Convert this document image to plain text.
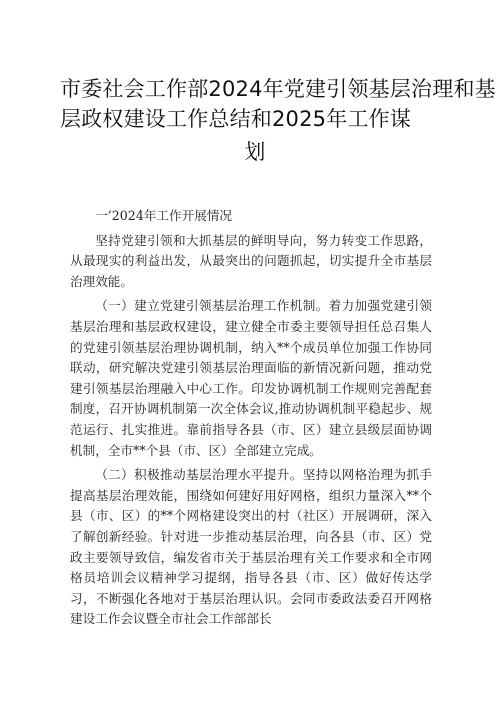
市委社会工作部2024年党建引领基层治理和基
层政权建设工作总结和2025年工作谋
划

一’2024年工作开展情况

坚持党建引领和大抓基层的鲜明导向，努力转变工作思路，从最现实的利益出发，从最突出的问题抓起，切实提升全市基层治理效能。

（一）建立党建引领基层治理工作机制。着力加强党建引领基层治理和基层政权建设，建立健全市委主要领导担任总召集人的党建引领基层治理协调机制，纳入**个成员单位加强工作协同联动，研究解决党建引领基层治理面临的新情况新问题，推动党建引领基层治理融入中心工作。印发协调机制工作规则完善配套制度，召开协调机制第一次全体会议,推动协调机制平稳起步、规范运行、扎实推进。靠前指导各县（市、区）建立县级层面协调机制，全市**个县（市、区）全部建立完成。

（二）积极推动基层治理水平提升。坚持以网格治理为抓手提高基层治理效能，围绕如何建好用好网格，组织力量深入**个县（市、区）的**个网格建设突出的村（社区）开展调研，深入了解创新经验。针对进一步推动基层治理，向各县（市、区）党政主要领导致信，编发省市关于基层治理有关工作要求和全市网格员培训会议精神学习提纲，指导各县（市、区）做好传达学习，不断强化各地对于基层治理认识。会同市委政法委召开网格建设工作会议暨全市社会工作部部长
